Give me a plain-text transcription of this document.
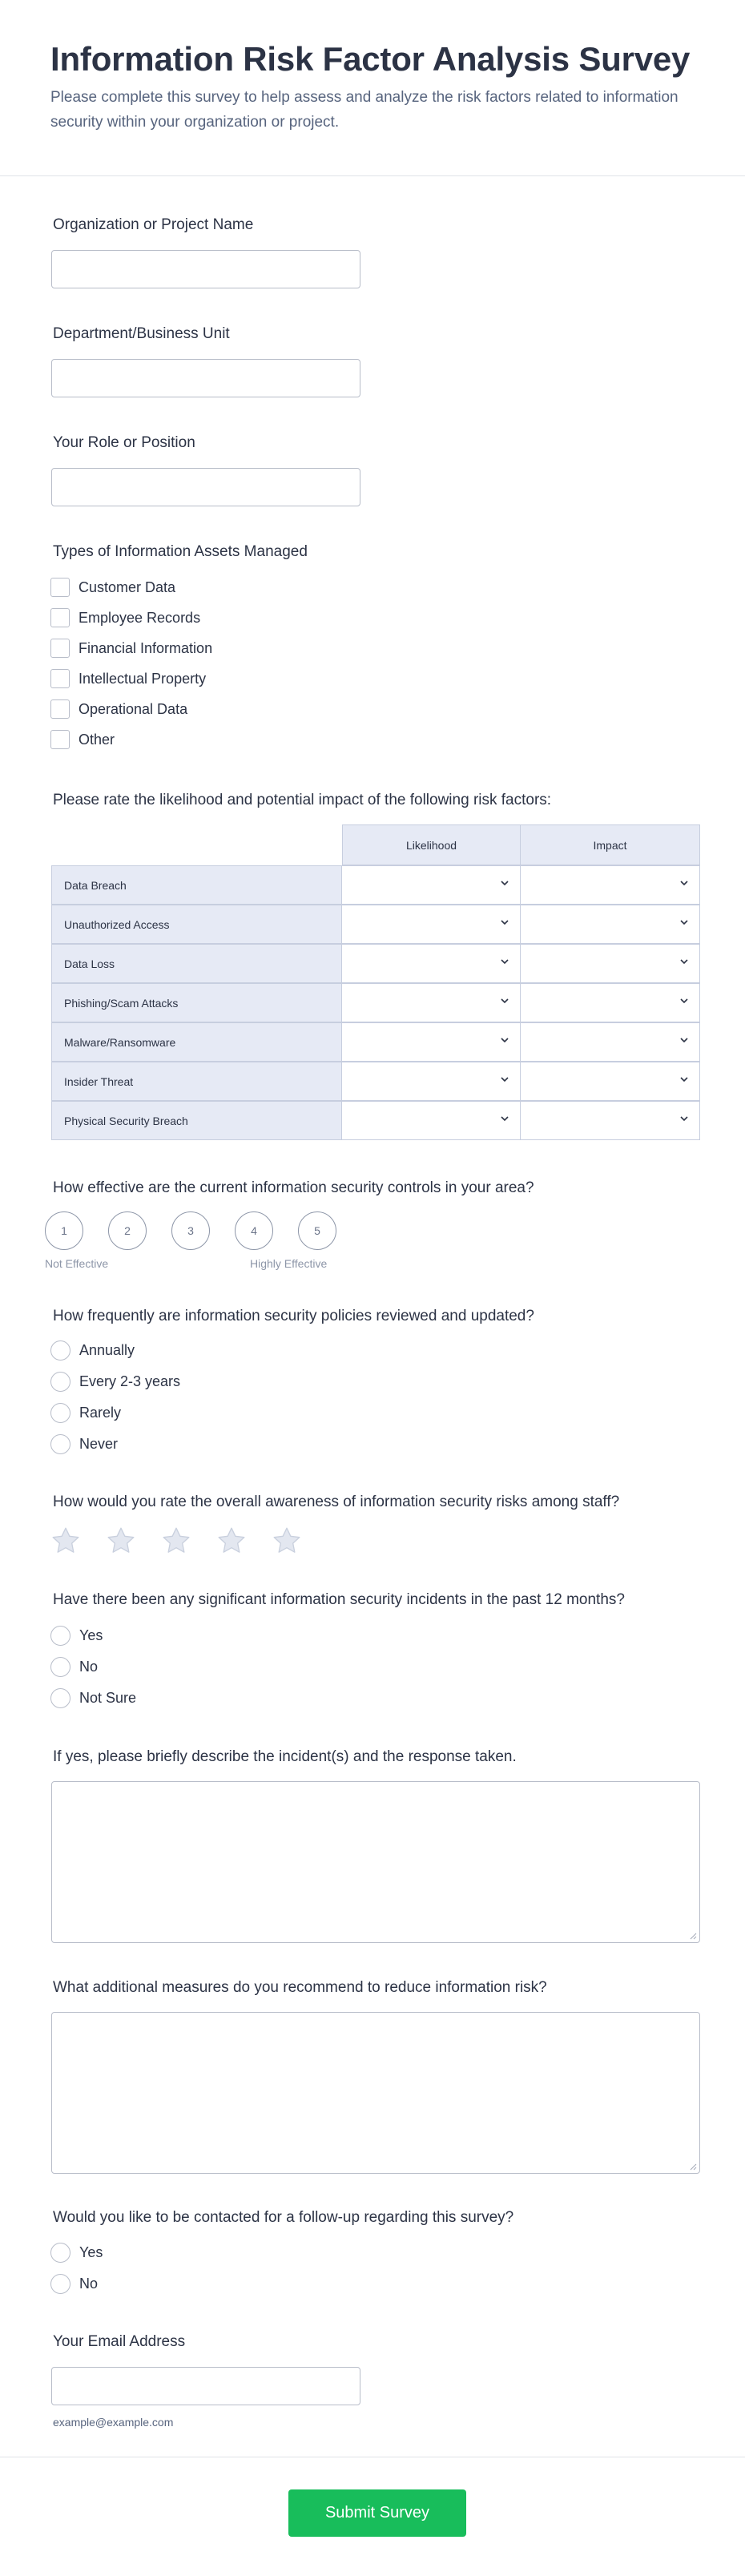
Information Risk Factor Analysis Survey
Please complete this survey to help assess and analyze the risk factors related to information security within your organization or project.
Organization or Project Name
Department/Business Unit
Your Role or Position
Types of Information Assets Managed
Customer Data
Employee Records
Financial Information
Intellectual Property
Operational Data
Other
Please rate the likelihood and potential impact of the following risk factors:
Likelihood	Impact
Data Breach
Unauthorized Access
Data Loss
Phishing/Scam Attacks
Malware/Ransomware
Insider Threat
Physical Security Breach
How effective are the current information security controls in your area?
1	2	3	4	5
Not Effective	Highly Effective
How frequently are information security policies reviewed and updated?
Annually
Every 2-3 years
Rarely
Never
How would you rate the overall awareness of information security risks among staff?
Have there been any significant information security incidents in the past 12 months?
Yes
No
Not Sure
If yes, please briefly describe the incident(s) and the response taken.
What additional measures do you recommend to reduce information risk?
Would you like to be contacted for a follow-up regarding this survey?
Yes
No
Your Email Address
example@example.com
Submit Survey
